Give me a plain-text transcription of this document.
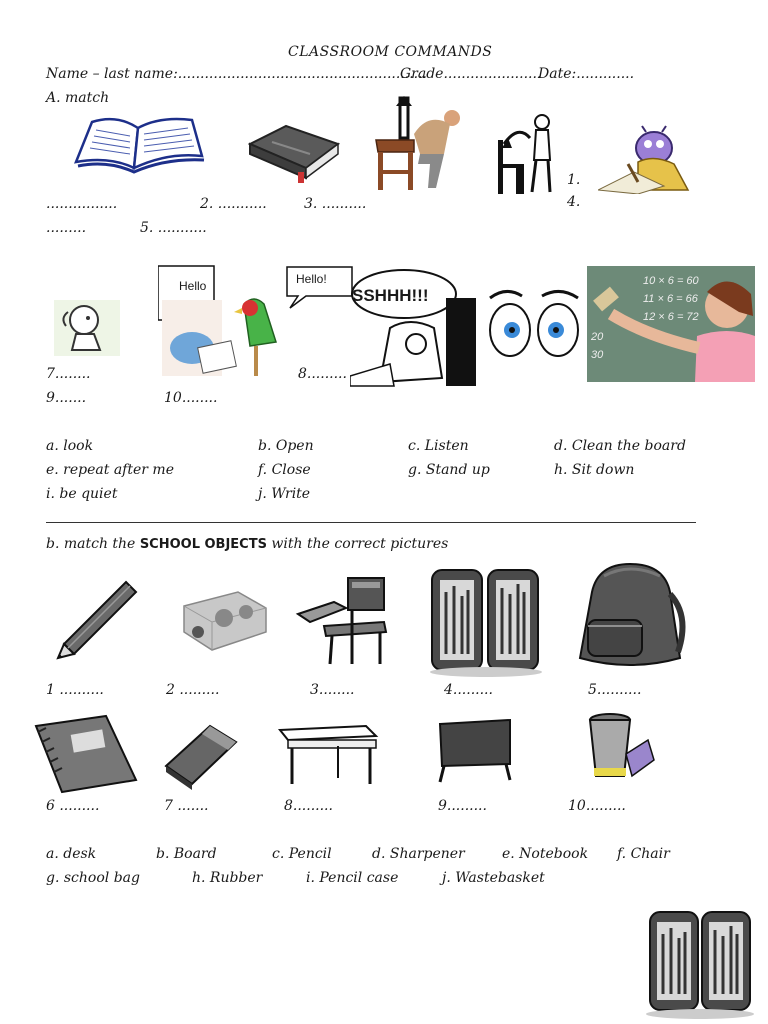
CLASSROOM COMMANDS
Name – last name:........................................................
Grade......................
Date:.............
A. match
1.
4.
................	2. ...........	3. ..........
.........	5. ...........
Hello	Hello!
SSHHH!!!
10 × 6 = 60
11 × 6 = 66
12 × 6 = 72
20
30
7........	8.........
9.......	10........
a. look	b. Open	c. Listen	d. Clean the board
e. repeat after me	f. Close	g. Stand up	h. Sit down
i. be quiet	j. Write
b. match the SCHOOL OBJECTS with the correct pictures
1 ..........	2 .........	3........	4.........	5..........
6 .........	7 .......	8.........	9.........	10.........
a. desk	b. Board	c. Pencil	d. Sharpener	e. Notebook f. Chair
g. school bag	h. Rubber	i. Pencil case	j. Wastebasket
